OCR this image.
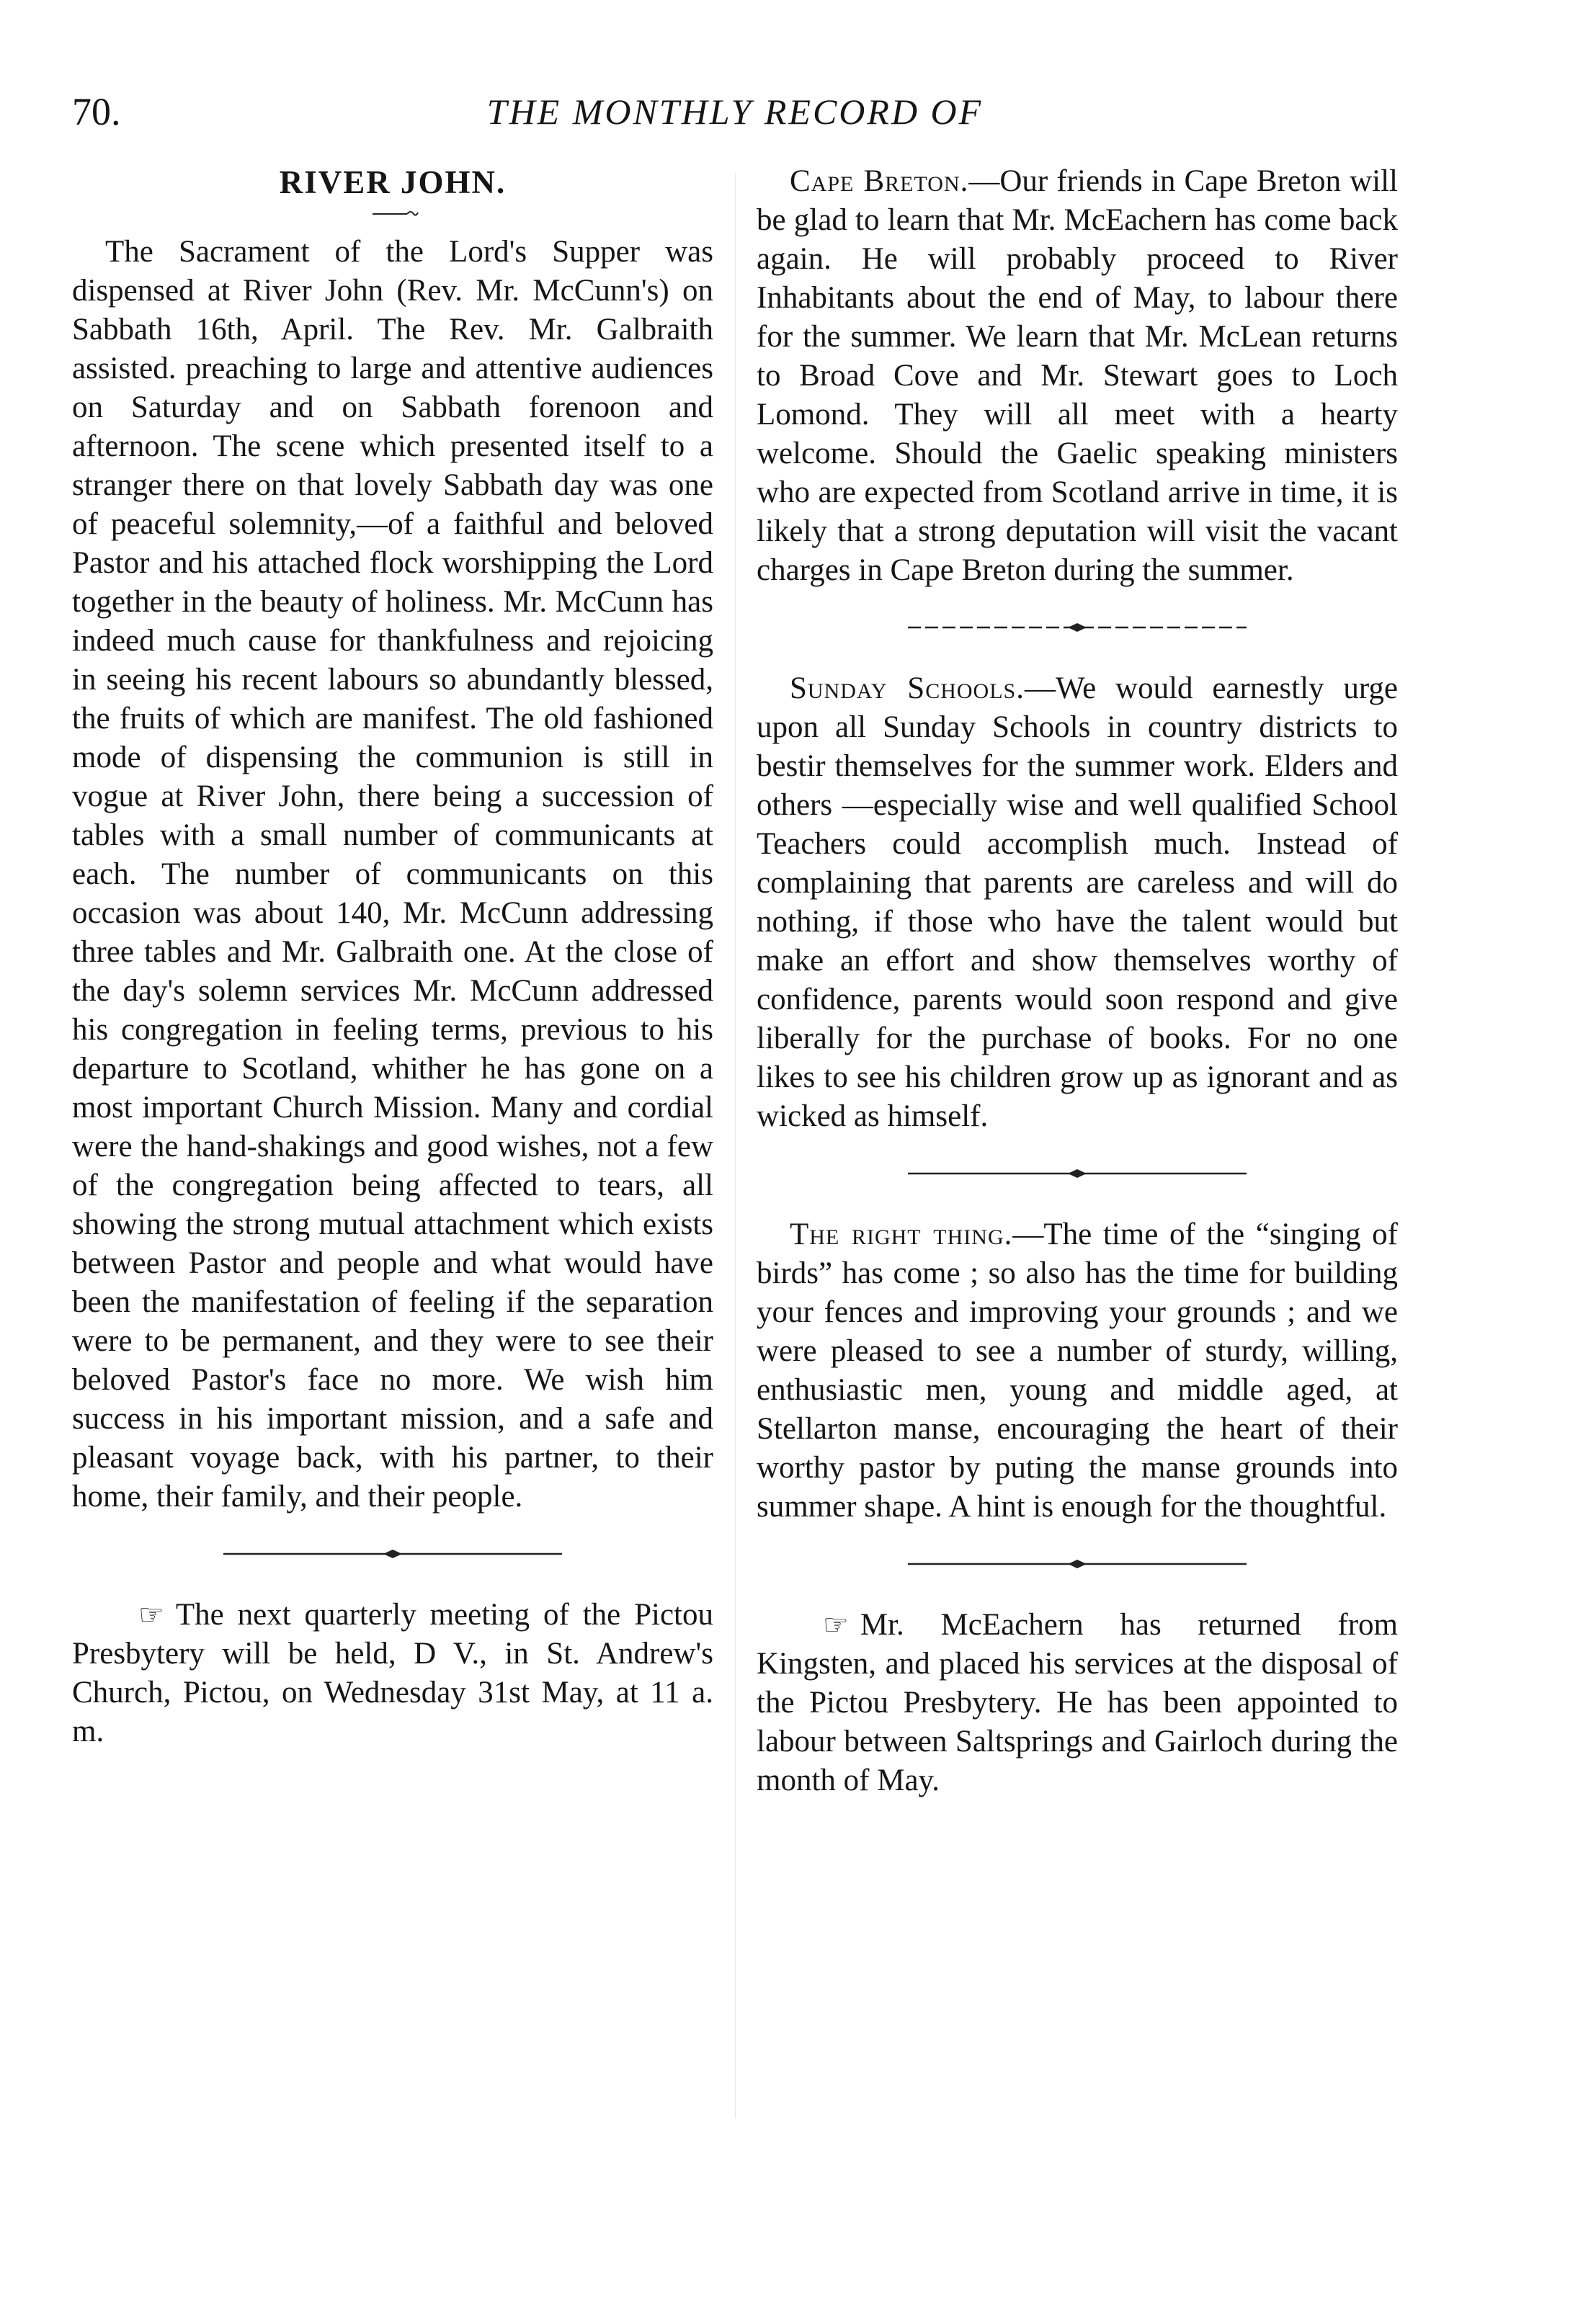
70.	THE MONTHLY RECORD OF
RIVER JOHN.

The Sacrament of the Lord's Supper was dispensed at River John (Rev. Mr. McCunn's) on Sabbath 16th, April. The Rev. Mr. Galbraith assisted. preaching to large and attentive audiences on Saturday and on Sabbath forenoon and afternoon. The scene which presented itself to a stranger there on that lovely Sabbath day was one of peaceful solemnity,—of a faithful and beloved Pastor and his attached flock worshipping the Lord together in the beauty of holiness. Mr. McCunn has indeed much cause for thankfulness and rejoicing in seeing his recent labours so abundantly blessed, the fruits of which are manifest. The old fashioned mode of dispensing the communion is still in vogue at River John, there being a succession of tables with a small number of communicants at each. The number of communicants on this occasion was about 140, Mr. McCunn addressing three tables and Mr. Galbraith one. At the close of the day's solemn services Mr. McCunn addressed his congregation in feeling terms, previous to his departure to Scotland, whither he has gone on a most important Church Mission. Many and cordial were the hand-shakings and good wishes, not a few of the congregation being affected to tears, all showing the strong mutual attachment which exists between Pastor and people and what would have been the manifestation of feeling if the separation were to be permanent, and they were to see their beloved Pastor's face no more. We wish him success in his important mission, and a safe and pleasant voyage back, with his partner, to their home, their family, and their people.

☞ The next quarterly meeting of the Pictou Presbytery will be held, D V., in St. Andrew's Church, Pictou, on Wednesday 31st May, at 11 a. m.

Cape Breton.—Our friends in Cape Breton will be glad to learn that Mr. McEachern has come back again. He will probably proceed to River Inhabitants about the end of May, to labour there for the summer. We learn that Mr. McLean returns to Broad Cove and Mr. Stewart goes to Loch Lomond. They will all meet with a hearty welcome. Should the Gaelic speaking ministers who are expected from Scotland arrive in time, it is likely that a strong deputation will visit the vacant charges in Cape Breton during the summer.

Sunday Schools.—We would earnestly urge upon all Sunday Schools in country districts to bestir themselves for the summer work. Elders and others —especially wise and well qualified School Teachers could accomplish much. Instead of complaining that parents are careless and will do nothing, if those who have the talent would but make an effort and show themselves worthy of confidence, parents would soon respond and give liberally for the purchase of books. For no one likes to see his children grow up as ignorant and as wicked as himself.

The right thing.—The time of the “singing of birds” has come ; so also has the time for building your fences and improving your grounds ; and we were pleased to see a number of sturdy, willing, enthusiastic men, young and middle aged, at Stellarton manse, encouraging the heart of their worthy pastor by puting the manse grounds into summer shape. A hint is enough for the thoughtful.

☞ Mr. McEachern has returned from Kingsten, and placed his services at the disposal of the Pictou Presbytery. He has been appointed to labour between Saltsprings and Gairloch during the month of May.
